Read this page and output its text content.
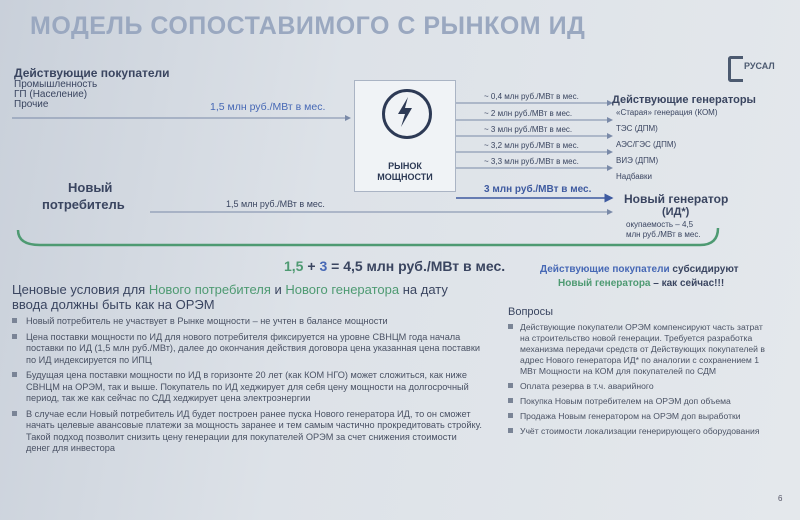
МОДЕЛЬ СОПОСТАВИМОГО С РЫНКОМ ИД
РУСАЛ
Действующие покупатели
Промышленность
ГП (Население)
Прочие	1,5 млн руб./МВт в мес.
РЫНОК
МОЩНОСТИ
~ 0,4 млн руб./МВт в мес.
~ 2 млн руб./МВт в мес.
~ 3 млн руб./МВт в мес.
~ 3,2 млн руб./МВт в мес.
~ 3,3 млн руб./МВт в мес.
Действующие генераторы
«Старая» генерация (КОМ)
ТЭС (ДПМ)
АЭС/ГЭС (ДПМ)
ВИЭ (ДПМ)
Надбавки
3 млн руб./МВт в мес.
Новый
потребитель	1,5 млн руб./МВт в мес.	Новый генератор
(ИД*)
окупаемость – 4,5
млн руб./МВт в мес.
1,5 + 3 = 4,5 млн руб./МВт в мес.	Действующие покупатели субсидируют
Новый генератора – как сейчас!!!
Ценовые условия для Нового потребителя и Нового генератора на дату
ввода должны быть как на ОРЭМ
Новый потребитель не участвует в Рынке мощности – не учтен в балансе мощности
Цена поставки мощности по ИД для нового потребителя фиксируется на уровне СВНЦМ года начала поставки по ИД (1,5 млн руб./МВт), далее до окончания действия договора цена указанная цена поставки по ИД индексируется по ИПЦ
Будущая цена поставки мощности по ИД в горизонте 20 лет (как КОМ НГО) может сложиться, как ниже СВНЦМ на ОРЭМ, так и выше. Покупатель по ИД хеджирует для себя цену мощности на долгосрочный период, так же как сейчас по СДД хеджирует цена электроэнергии
В случае если Новый потребитель ИД будет построен ранее пуска Нового генератора ИД, то он сможет начать целевые авансовые платежи за мощность заранее и тем самым частично прокредитовать стройку. Такой подход позволит снизить цену генерации для покупателей ОРЭМ за счет снижения стоимости денег для инвестора
Вопросы
Действующие покупатели ОРЭМ компенсируют часть затрат на строительство новой генерации. Требуется разработка механизма передачи средств от Действующих покупателей в адрес Нового генератора ИД* по аналогии с сохранением 1 МВт Мощности на КОМ для покупателей по СДМ
Оплата резерва в т.ч. аварийного
Покупка Новым потребителем на ОРЭМ доп объема
Продажа Новым генератором на ОРЭМ доп выработки
Учёт стоимости локализации генерирующего оборудования
6
